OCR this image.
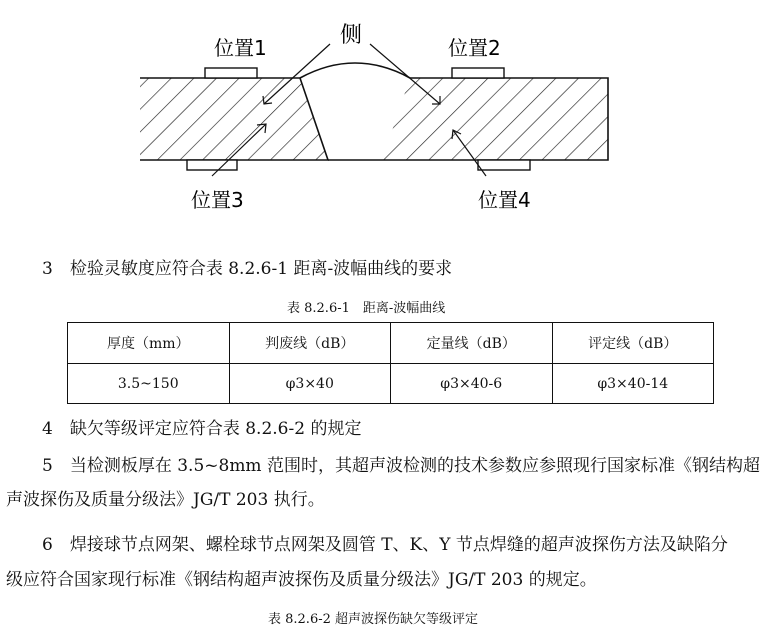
侧
位置1	位置2
位置3	位置4

3　检验灵敏度应符合表 8.2.6-1 距离-波幅曲线的要求

表 8.2.6-1　距离-波幅曲线

厚度（mm）	判废线（dB）	定量线（dB）	评定线（dB）
3.5~150	φ3×40	φ3×40-6	φ3×40-14

4　缺欠等级评定应符合表 8.2.6-2 的规定

5　当检测板厚在 3.5~8mm 范围时，其超声波检测的技术参数应参照现行国家标准《钢结构超

声波探伤及质量分级法》JG/T 203 执行。

6　焊接球节点网架、螺栓球节点网架及圆管 T、K、Y 节点焊缝的超声波探伤方法及缺陷分

级应符合国家现行标准《钢结构超声波探伤及质量分级法》JG/T 203 的规定。

表 8.2.6-2 超声波探伤缺欠等级评定
